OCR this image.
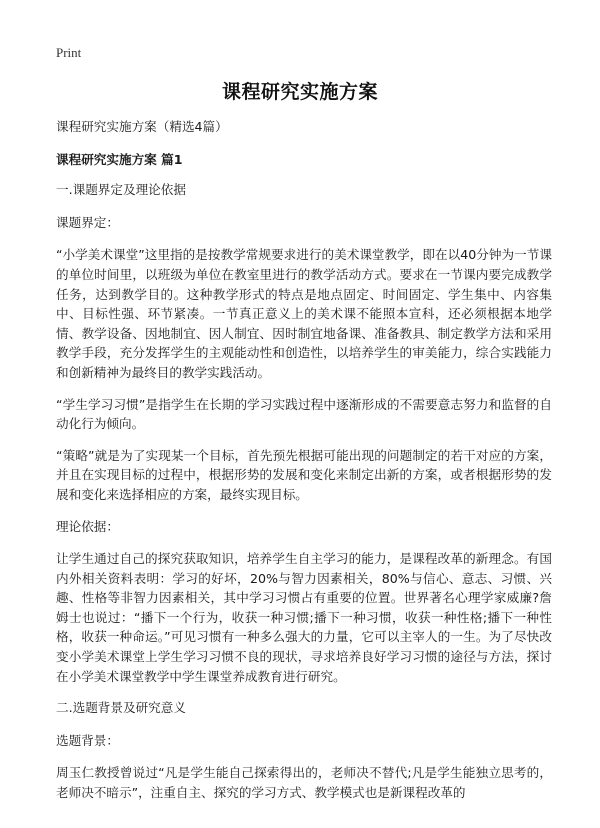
Print
课程研究实施方案

课程研究实施方案（精选4篇）

课程研究实施方案 篇1

一.课题界定及理论依据

课题界定：

“小学美术课堂”这里指的是按教学常规要求进行的美术课堂教学，即在以40分钟为一节课的单位时间里，以班级为单位在教室里进行的教学活动方式。要求在一节课内要完成教学任务，达到教学目的。这种教学形式的特点是地点固定、时间固定、学生集中、内容集中、目标性强、环节紧凑。一节真正意义上的美术课不能照本宣科，还必须根据本地学情、教学设备、因地制宜、因人制宜、因时制宜地备课、准备教具、制定教学方法和采用教学手段，充分发挥学生的主观能动性和创造性，以培养学生的审美能力，综合实践能力和创新精神为最终目的教学实践活动。

“学生学习习惯”是指学生在长期的学习实践过程中逐渐形成的不需要意志努力和监督的自动化行为倾向。

“策略”就是为了实现某一个目标，首先预先根据可能出现的问题制定的若干对应的方案，并且在实现目标的过程中，根据形势的发展和变化来制定出新的方案，或者根据形势的发展和变化来选择相应的方案，最终实现目标。

理论依据：

让学生通过自己的探究获取知识，培养学生自主学习的能力，是课程改革的新理念。有国内外相关资料表明：学习的好坏，20%与智力因素相关，80%与信心、意志、习惯、兴趣、性格等非智力因素相关，其中学习习惯占有重要的位置。世界著名心理学家威廉?詹姆士也说过：“播下一个行为，收获一种习惯;播下一种习惯，收获一种性格;播下一种性格，收获一种命运。”可见习惯有一种多么强大的力量，它可以主宰人的一生。为了尽快改变小学美术课堂上学生学习习惯不良的现状，寻求培养良好学习习惯的途径与方法，探讨在小学美术课堂教学中学生课堂养成教育进行研究。

二.选题背景及研究意义

选题背景：

周玉仁教授曾说过“凡是学生能自己探索得出的，老师决不替代;凡是学生能独立思考的，老师决不暗示”，注重自主、探究的学习方式、教学模式也是新课程改革的
